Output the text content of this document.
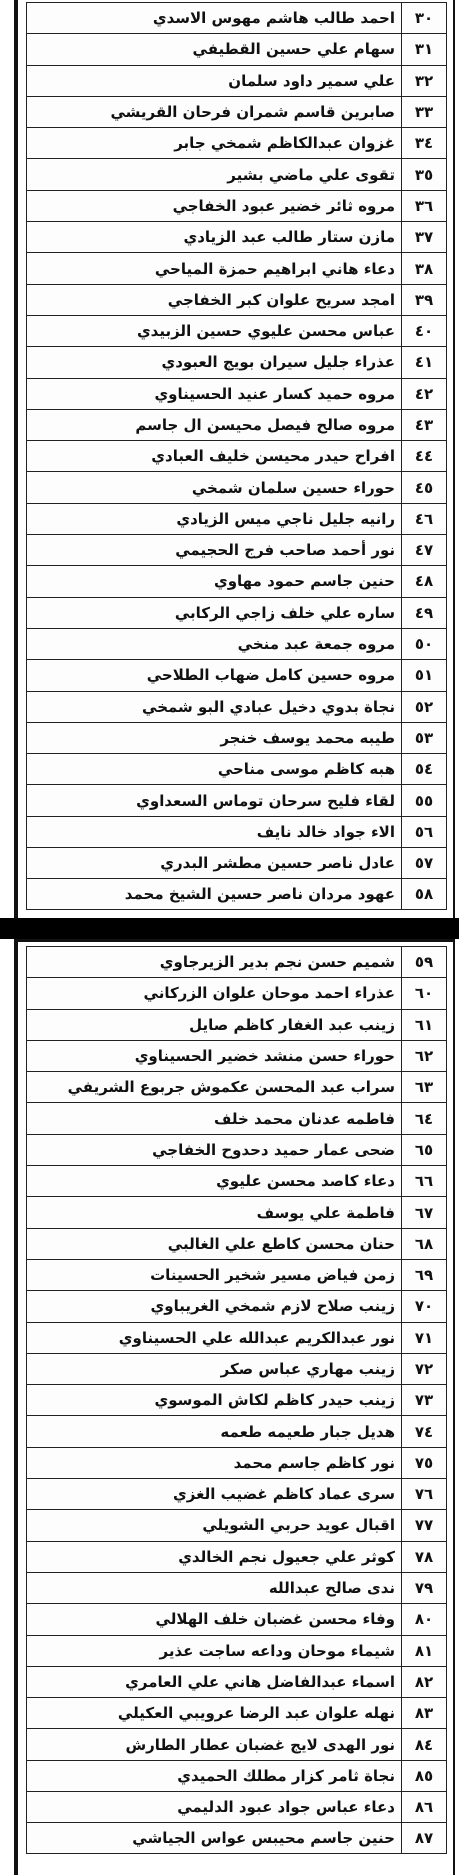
٣٠
احمد طالب هاشم مهوس الاسدي
٣١
سهام علي حسين القطيفي
٣٢
علي سمير داود سلمان
٣٣
صابرين قاسم شمران فرحان القريشي
٣٤
غزوان عبدالكاظم شمخي جابر
٣٥
تقوى علي ماضي بشير
٣٦
مروه ثائر خضير عبود الخفاجي
٣٧
مازن ستار طالب عبد الزيادي
٣٨
دعاء هاني ابراهيم حمزة المياحي
٣٩
امجد سريح علوان كبر الخفاجي
٤٠
عباس محسن عليوي حسين الزبيدي
٤١
عذراء جليل سيران بويج العبودي
٤٢
مروه حميد كسار عنيد الحسيناوي
٤٣
مروه صالح فيصل محيسن ال جاسم
٤٤
افراح حيدر محيسن خليف العبادي
٤٥
حوراء حسين سلمان شمخي
٤٦
رانيه جليل ناجي ميس الزيادي
٤٧
نور أحمد صاحب فرج الحجيمي
٤٨
حنين جاسم حمود مهاوي
٤٩
ساره علي خلف زاجي الركابي
٥٠
مروه جمعة عبد منخي
٥١
مروه حسين كامل ضهاب الطلاحي
٥٢
نجاة بدوي دخيل عبادي البو شمخي
٥٣
طيبه محمد يوسف خنجر
٥٤
هبه كاظم موسى مناحي
٥٥
لقاء فليح سرحان توماس السعداوي
٥٦
الاء جواد خالد نايف
٥٧
عادل ناصر حسين مطشر البدري
٥٨
عهود مردان ناصر حسين الشيخ محمد
٥٩
شميم حسن نجم بدير الزيرجاوي
٦٠
عذراء احمد موحان علوان الزركاني
٦١
زينب عبد الغفار كاظم صايل
٦٢
حوراء حسن منشد خضير الحسيناوي
٦٣
سراب عبد المحسن عكموش جربوع الشريفي
٦٤
فاطمه عدنان محمد خلف
٦٥
ضحى عمار حميد دحدوح الخفاجي
٦٦
دعاء كاصد محسن عليوي
٦٧
فاطمة علي يوسف
٦٨
حنان محسن كاطع علي الغالبي
٦٩
زمن فياض مسير شخير الحسينات
٧٠
زينب صلاح لازم شمخي الغريباوي
٧١
نور عبدالكريم عبدالله علي الحسيناوي
٧٢
زينب مهاري عباس صكر
٧٣
زينب حيدر كاظم لكاش الموسوي
٧٤
هديل جبار طعيمه طعمه
٧٥
نور كاظم جاسم محمد
٧٦
سرى عماد كاظم غضيب الغزي
٧٧
اقبال عويد حربي الشويلي
٧٨
كوثر علي جعيول نجم الخالدي
٧٩
ندى صالح عبدالله
٨٠
وفاء محسن غضبان خلف الهلالي
٨١
شيماء موحان وداعه ساجت عذير
٨٢
اسماء عبدالفاضل هاني علي العامري
٨٣
نهله علوان عبد الرضا عرويبي العكيلي
٨٤
نور الهدى لايج غضبان عطار الطارش
٨٥
نجاة ثامر كزار مطلك الحميدي
٨٦
دعاء عباس جواد عبود الدليمي
٨٧
حنين جاسم محيبس عواس الجياشي
